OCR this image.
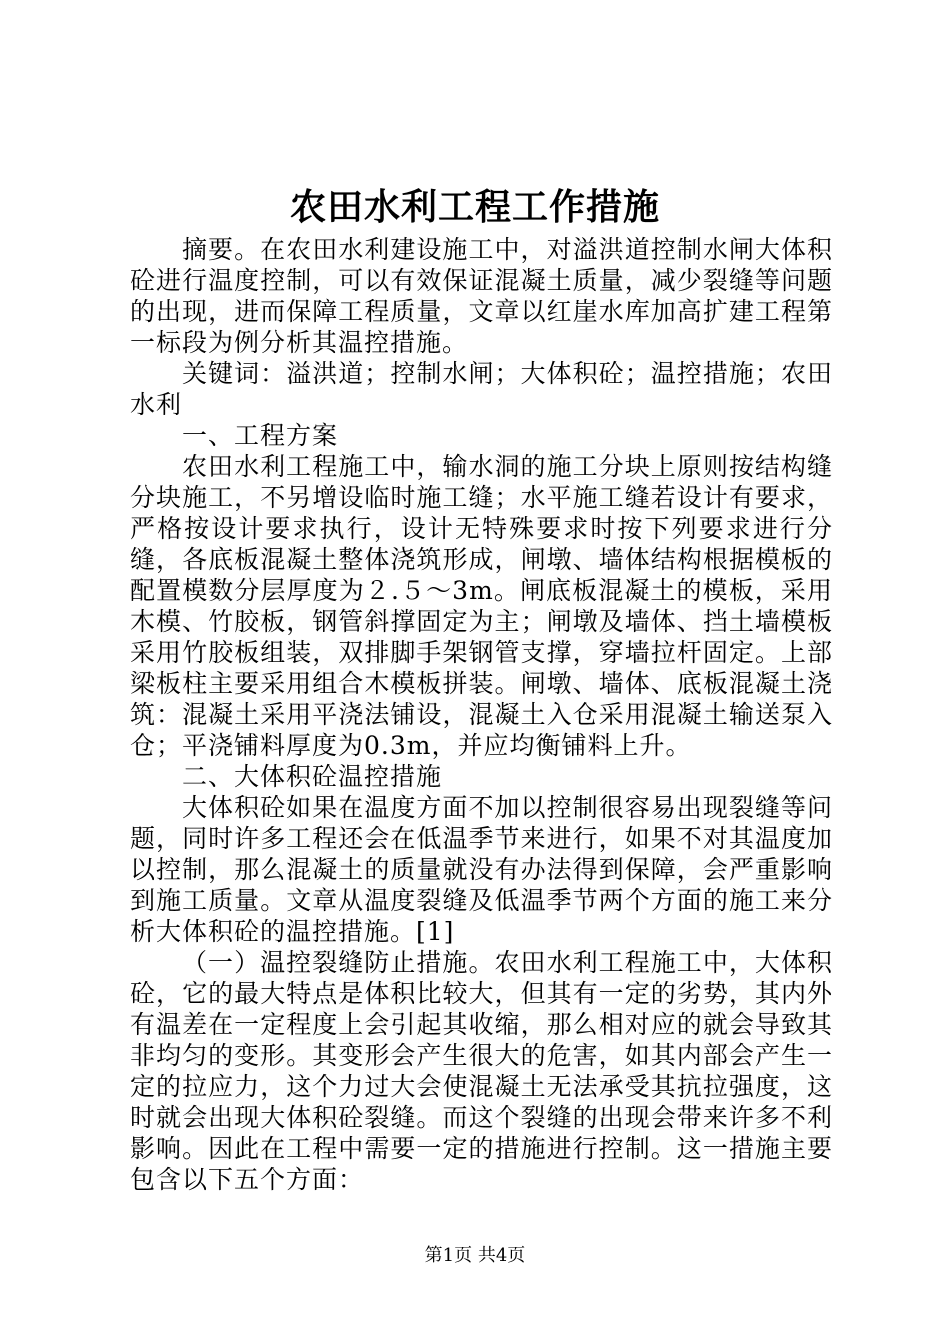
农田水利工程工作措施

摘要。在农田水利建设施工中，对溢洪道控制水闸大体积砼进行温度控制，可以有效保证混凝土质量，减少裂缝等问题的出现，进而保障工程质量，文章以红崖水库加高扩建工程第一标段为例分析其温控措施。

关键词：溢洪道；控制水闸；大体积砼；温控措施；农田水利

一、工程方案

农田水利工程施工中，输水洞的施工分块上原则按结构缝分块施工，不另增设临时施工缝；水平施工缝若设计有要求，严格按设计要求执行，设计无特殊要求时按下列要求进行分缝，各底板混凝土整体浇筑形成，闸墩、墙体结构根据模板的配置模数分层厚度为２.５～3m。闸底板混凝土的模板，采用木模、竹胶板，钢管斜撑固定为主；闸墩及墙体、挡土墙模板采用竹胶板组装，双排脚手架钢管支撑，穿墙拉杆固定。上部梁板柱主要采用组合木模板拼装。闸墩、墙体、底板混凝土浇筑：混凝土采用平浇法铺设，混凝土入仓采用混凝土输送泵入仓；平浇铺料厚度为0.3m，并应均衡铺料上升。

二、大体积砼温控措施

大体积砼如果在温度方面不加以控制很容易出现裂缝等问题，同时许多工程还会在低温季节来进行，如果不对其温度加以控制，那么混凝土的质量就没有办法得到保障，会严重影响到施工质量。文章从温度裂缝及低温季节两个方面的施工来分析大体积砼的温控措施。[1]

（一）温控裂缝防止措施。农田水利工程施工中，大体积砼，它的最大特点是体积比较大，但其有一定的劣势，其内外有温差在一定程度上会引起其收缩，那么相对应的就会导致其非均匀的变形。其变形会产生很大的危害，如其内部会产生一定的拉应力，这个力过大会使混凝土无法承受其抗拉强度，这时就会出现大体积砼裂缝。而这个裂缝的出现会带来许多不利影响。因此在工程中需要一定的措施进行控制。这一措施主要包含以下五个方面：

第1页 共4页
